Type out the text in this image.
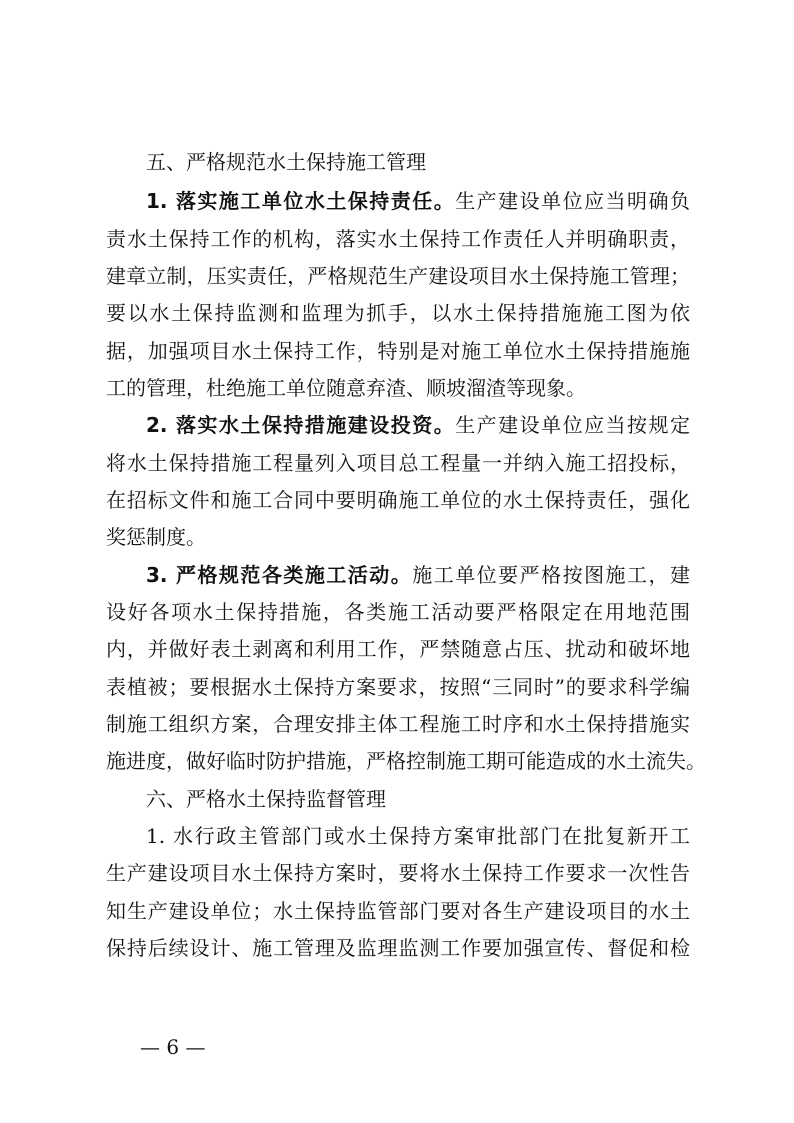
五、严格规范水土保持施工管理
1. 落实施工单位水土保持责任。生产建设单位应当明确负
责水土保持工作的机构，落实水土保持工作责任人并明确职责，
建章立制，压实责任，严格规范生产建设项目水土保持施工管理；
要以水土保持监测和监理为抓手，以水土保持措施施工图为依
据，加强项目水土保持工作，特别是对施工单位水土保持措施施
工的管理，杜绝施工单位随意弃渣、顺坡溜渣等现象。
2. 落实水土保持措施建设投资。生产建设单位应当按规定
将水土保持措施工程量列入项目总工程量一并纳入施工招投标，
在招标文件和施工合同中要明确施工单位的水土保持责任，强化
奖惩制度。
3. 严格规范各类施工活动。施工单位要严格按图施工，建
设好各项水土保持措施，各类施工活动要严格限定在用地范围
内，并做好表土剥离和利用工作，严禁随意占压、扰动和破坏地
表植被；要根据水土保持方案要求，按照“三同时”的要求科学编
制施工组织方案，合理安排主体工程施工时序和水土保持措施实
施进度，做好临时防护措施，严格控制施工期可能造成的水土流失。
六、严格水土保持监督管理
1. 水行政主管部门或水土保持方案审批部门在批复新开工
生产建设项目水土保持方案时，要将水土保持工作要求一次性告
知生产建设单位；水土保持监管部门要对各生产建设项目的水土
保持后续设计、施工管理及监理监测工作要加强宣传、督促和检
— 6 —
